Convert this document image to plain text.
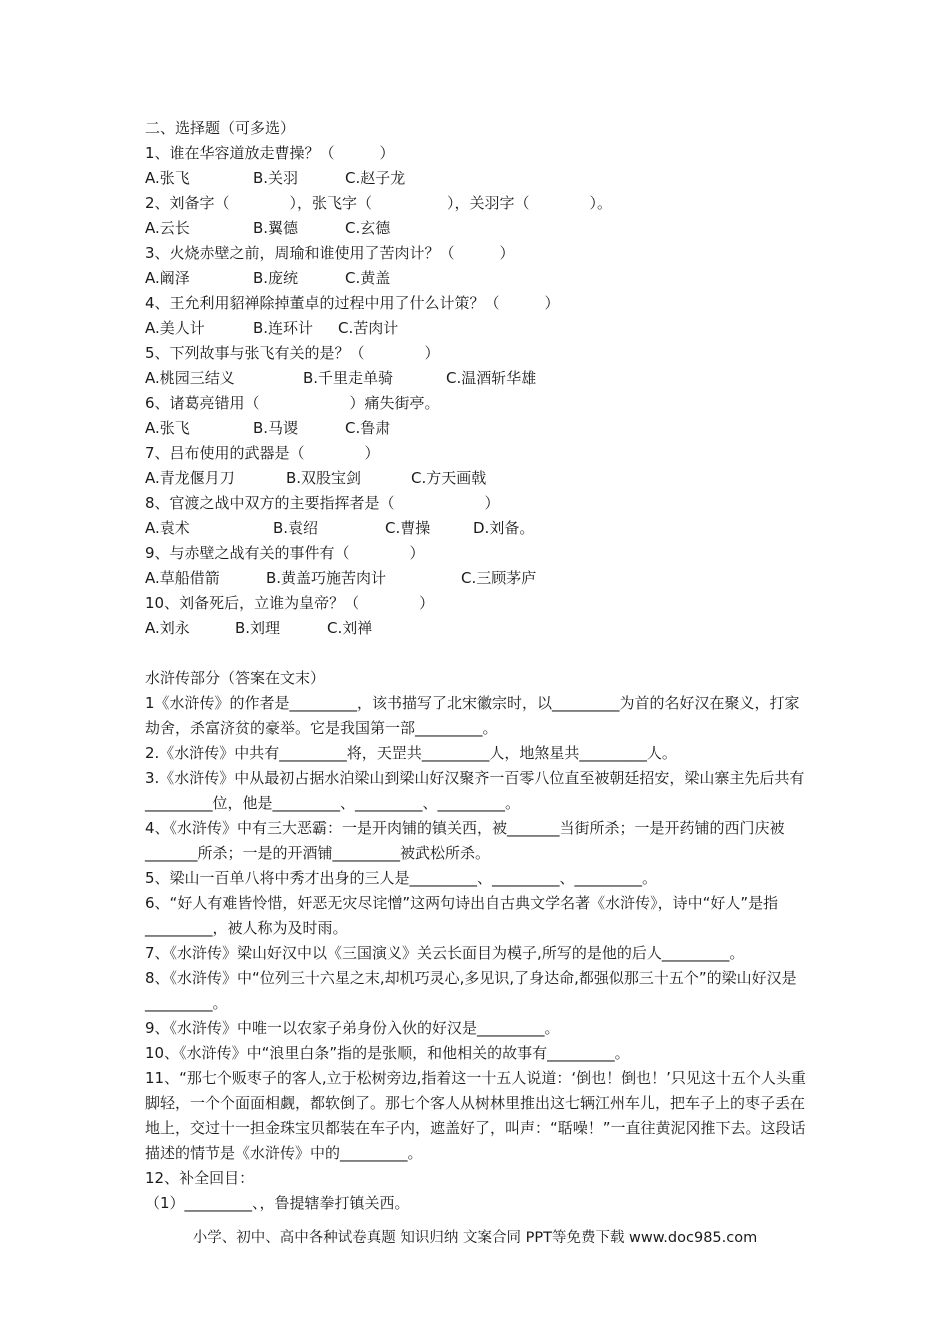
二、选择题（可多选）
1、谁在华容道放走曹操？（　　　）
A.张飞	B.关羽	C.赵子龙
2、刘备字（　　　　），张飞字（　　　　　），关羽字（　　　　）。
A.云长	B.翼德	C.玄德
3、火烧赤壁之前，周瑜和谁使用了苦肉计？（　　　）
A.阚泽	B.庞统	C.黄盖
4、王允利用貂禅除掉董卓的过程中用了什么计策？（　　　）
A.美人计	B.连环计 C.苦肉计
5、下列故事与张飞有关的是？（　　　　）
A.桃园三结义	B.千里走单骑	C.温酒斩华雄
6、诸葛亮错用（　　　　　　）痛失街亭。
A.张飞	B.马谡	C.鲁肃
7、吕布使用的武器是（　　　　）
A.青龙偃月刀	B.双股宝剑	C.方天画戟
8、官渡之战中双方的主要指挥者是（　　　　　　）
A.袁术	B.袁绍	C.曹操	D.刘备。
9、与赤壁之战有关的事件有（　　　　）
A.草船借箭	B.黄盖巧施苦肉计	C.三顾茅庐
10、刘备死后，立谁为皇帝？（　　　　）
A.刘永	B.刘理	C.刘禅
水浒传部分（答案在文末）
1《水浒传》的作者是_________，该书描写了北宋徽宗时，以_________为首的名好汉在聚义，打家劫舍，杀富济贫的豪举。它是我国第一部_________。
2.《水浒传》中共有_________将，天罡共_________人，地煞星共_________人。
3.《水浒传》中从最初占据水泊梁山到梁山好汉聚齐一百零八位直至被朝廷招安，梁山寨主先后共有_________位，他是_________、_________、_________。
4、《水浒传》中有三大恶霸：一是开肉铺的镇关西，被_______当街所杀；一是开药铺的西门庆被_______所杀；一是的开酒铺_________被武松所杀。
5、梁山一百单八将中秀才出身的三人是_________、_________、_________。
6、“好人有难皆怜惜，奸恶无灾尽诧憎”这两句诗出自古典文学名著《水浒传》，诗中“好人”是指_________，被人称为及时雨。
7、《水浒传》梁山好汉中以《三国演义》关云长面目为模子,所写的是他的后人_________。
8、《水浒传》中“位列三十六星之末,却机巧灵心,多见识,了身达命,都强似那三十五个”的梁山好汉是_________。
9、《水浒传》中唯一以农家子弟身份入伙的好汉是_________。
10、《水浒传》中“浪里白条”指的是张顺，和他相关的故事有_________。
11、“那七个贩枣子的客人,立于松树旁边,指着这一十五人说道：‘倒也！倒也！’只见这十五个人头重脚轻，一个个面面相觑，都软倒了。那七个客人从树林里推出这七辆江州车儿，把车子上的枣子丢在地上，交过十一担金珠宝贝都装在车子内，遮盖好了，叫声：“聒噪！”一直往黄泥冈推下去。这段话描述的情节是《水浒传》中的_________。
12、补全回目：
（1）_________、，鲁提辖拳打镇关西。
小学、初中、高中各种试卷真题 知识归纳 文案合同 PPT等免费下载 www.doc985.com
